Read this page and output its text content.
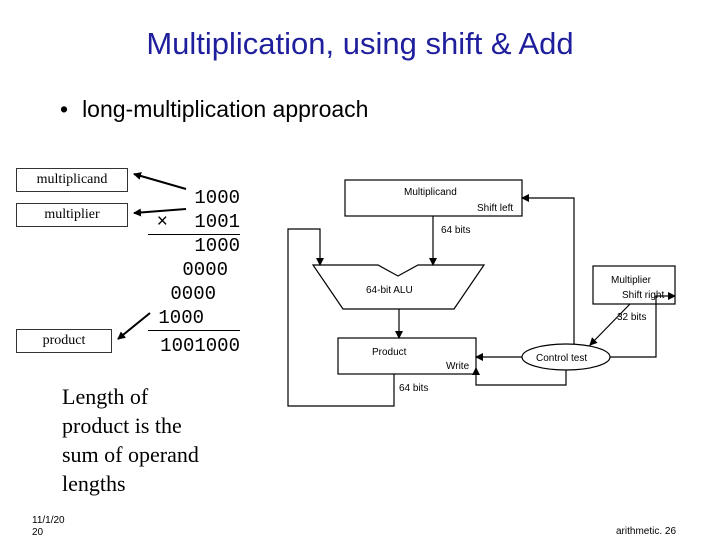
Multiplication, using shift & Add
• long-multiplication approach
multiplicand
multiplier
product
1000
×	1001
1000
0000
0000
1000
1001000
Length of
product is the
sum of operand
lengths
Multiplicand
Shift left
64 bits
64-bit ALU
Multiplier
Shift right
32 bits
Product
Write
Control test
64 bits
11/1/20
20	arithmetic. 26
